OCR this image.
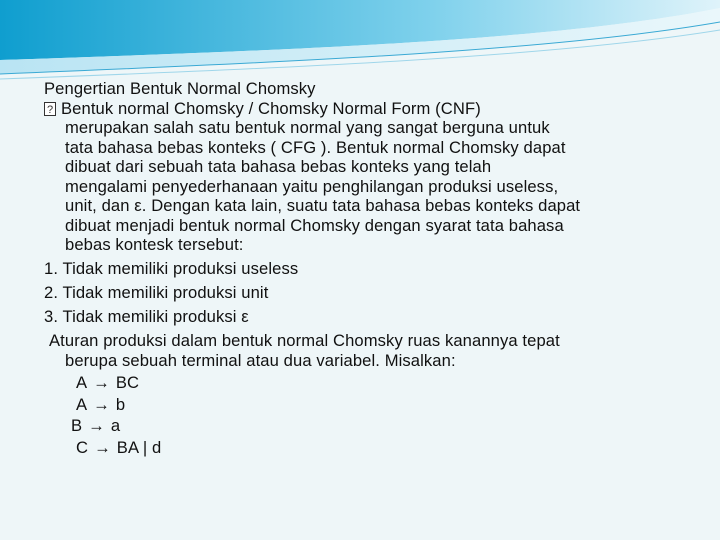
Pengertian Bentuk Normal Chomsky
?Bentuk normal Chomsky / Chomsky Normal Form (CNF)
merupakan salah satu bentuk normal yang sangat berguna untuk
tata bahasa bebas konteks ( CFG ). Bentuk normal Chomsky dapat
dibuat dari sebuah tata bahasa bebas konteks yang telah
mengalami penyederhanaan yaitu penghilangan produksi useless,
unit, dan ε. Dengan kata lain, suatu tata bahasa bebas konteks dapat
dibuat menjadi bentuk normal Chomsky dengan syarat tata bahasa
bebas kontesk tersebut:
1. Tidak memiliki produksi useless
2. Tidak memiliki produksi unit
3. Tidak memiliki produksi ε
Aturan produksi dalam bentuk normal Chomsky ruas kanannya tepat
berupa sebuah terminal atau dua variabel. Misalkan:
A → BC
A → b
B → a
C → BA | d
